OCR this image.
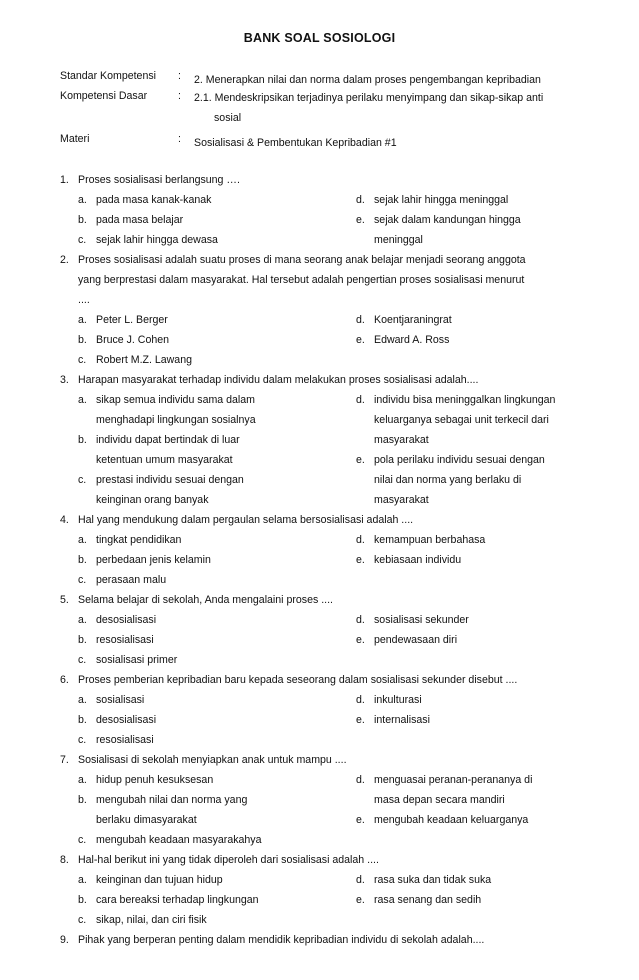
BANK SOAL SOSIOLOGI
Standar Kompetensi : 2. Menerapkan nilai dan norma dalam proses pengembangan kepribadian
Kompetensi Dasar	: 2.1. Mendeskripsikan terjadinya perilaku menyimpang dan sikap-sikap anti
sosial
Materi	: Sosialisasi & Pembentukan Kepribadian #1
1. Proses sosialisasi berlangsung ….
a. pada masa kanak-kanak
b. pada masa belajar
c. sejak lahir hingga dewasa
d. sejak lahir hingga meninggal
e. sejak dalam kandungan hingga
meninggal
2. Proses sosialisasi adalah suatu proses di mana seorang anak belajar menjadi seorang anggota
yang berprestasi dalam masyarakat. Hal tersebut adalah pengertian proses sosialisasi menurut
....
a. Peter L. Berger
b. Bruce J. Cohen
c. Robert M.Z. Lawang
d. Koentjaraningrat
e. Edward A. Ross
3. Harapan masyarakat terhadap individu dalam melakukan proses sosialisasi adalah....
a. sikap semua individu sama dalam
menghadapi lingkungan sosialnya
b. individu dapat bertindak di luar
ketentuan umum masyarakat
c. prestasi individu sesuai dengan
keinginan orang banyak
d. individu bisa meninggalkan lingkungan
keluarganya sebagai unit terkecil dari
masyarakat
e. pola perilaku individu sesuai dengan
nilai dan norma yang berlaku di
masyarakat
4. Hal yang mendukung dalam pergaulan selama bersosialisasi adalah ....
a. tingkat pendidikan
b. perbedaan jenis kelamin
c. perasaan malu
d. kemampuan berbahasa
e. kebiasaan individu
5. Selama belajar di sekolah, Anda mengalaini proses ....
a. desosialisasi
b. resosialisasi
c. sosialisasi primer
d. sosialisasi sekunder
e. pendewasaan diri
6. Proses pemberian kepribadian baru kepada seseorang dalam sosialisasi sekunder disebut ....
a. sosialisasi
b. desosialisasi
c. resosialisasi
d. inkulturasi
e. internalisasi
7. Sosialisasi di sekolah menyiapkan anak untuk mampu ....
a. hidup penuh kesuksesan
b. mengubah nilai dan norma yang
berlaku dimasyarakat
c. mengubah keadaan masyarakahya
d. menguasai peranan-perananya di
masa depan secara mandiri
e. mengubah keadaan keluarganya
8. Hal-hal berikut ini yang tidak diperoleh dari sosialisasi adalah ....
a. keinginan dan tujuan hidup
b. cara bereaksi terhadap lingkungan
c. sikap, nilai, dan ciri fisik
d. rasa suka dan tidak suka
e. rasa senang dan sedih
9. Pihak yang berperan penting dalam mendidik kepribadian individu di sekolah adalah....
